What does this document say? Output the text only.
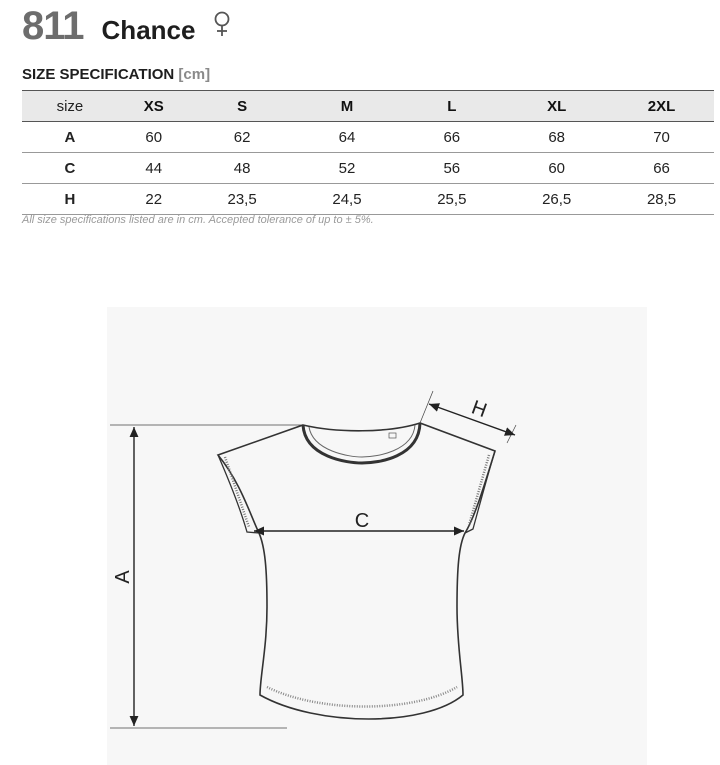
811 Chance
SIZE SPECIFICATION [cm]
size	XS	S	M	L	XL	2XL
A	60	62	64	66	68	70
C	44	48	52	56	60	66
H	22	23,5	24,5	25,5	26,5	28,5
All size specifications listed are in cm. Accepted tolerance of up to ± 5%.
A
C
H
